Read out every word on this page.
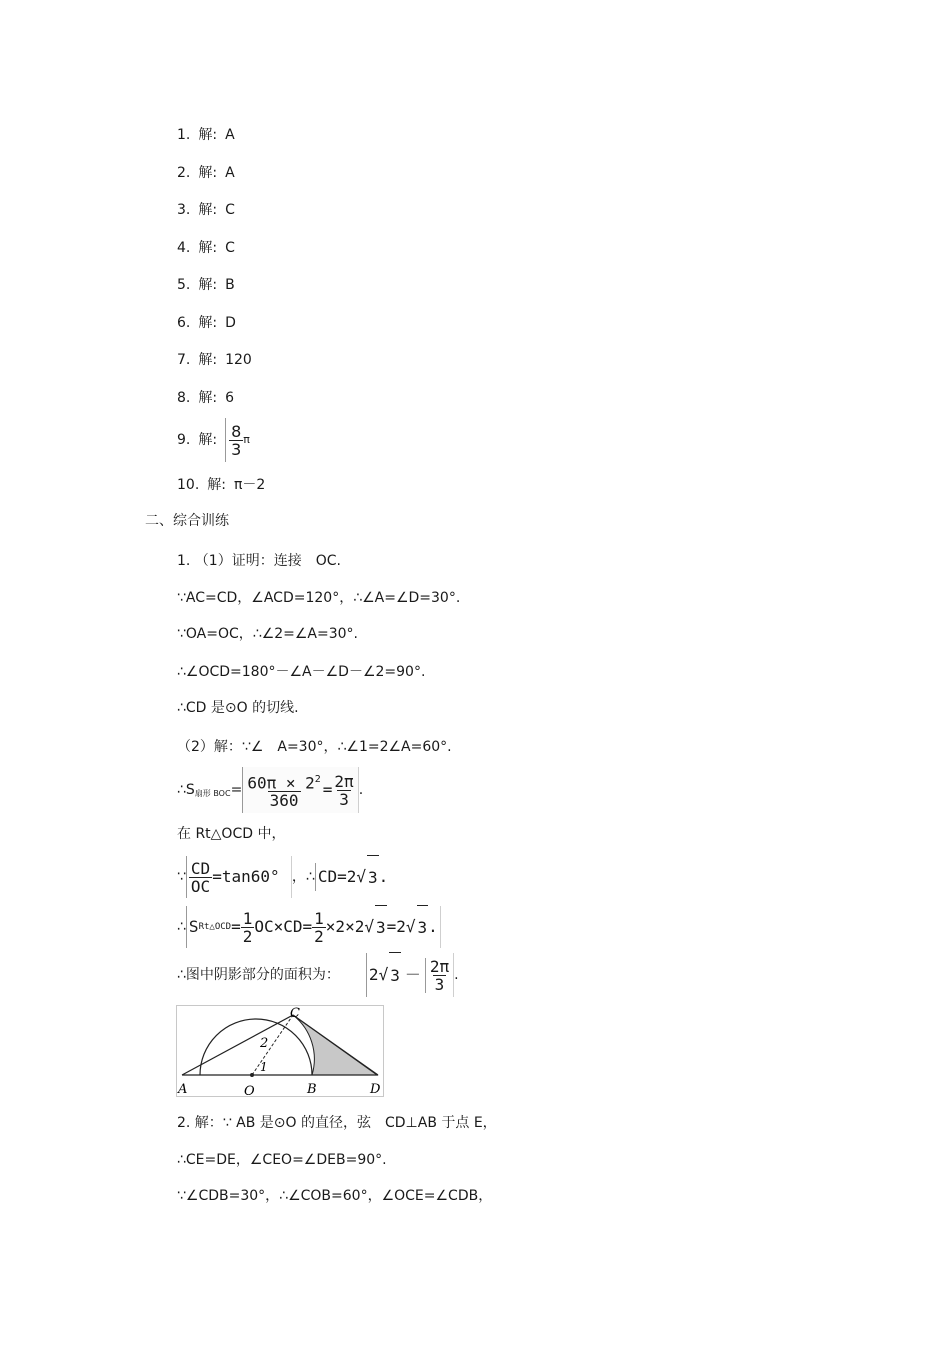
1. 解: A
2. 解: A
3. 解: C
4. 解: C
5. 解: B
6. 解: D
7. 解: 120
8. 解: 6
9. 解: $\frac{8}{3}$ π
10. 解: π－2
二、综合训练
1. （1）证明：连接　OC.
∵AC=CD，∠ACD=120°，∴∠A=∠D=30°.
∵OA=OC，∴∠2=∠A=30°.
∴∠OCD=180°－∠A－∠D－∠2=90°.
∴CD 是⊙O 的切线.
（2）解：∵∠　A=30°，∴∠1=2∠A=60°.
∴S扇形 $BOC= \frac{60\pi \times 2^2}{360} = \frac{2\pi}{3}$ .
在 Rt△OCD 中，
∵ $\frac{CD}{OC} =\tan 60^\circ$ ，∴ CD=2 √ 3 .
∴ S Rt△OCD = $\frac{1}{2} OC\times CD= \frac{1}{2} \times 2\times 2$ √ 3 =2 √ 3 .
∴图中阴影部分的面积为： 2 √ $3 - \frac{2\pi}{3}$ .
A	O	B	D
C
2
1
2. 解：∵ AB 是⊙O 的直径，弦　CD⊥AB 于点 E，
∴CE=DE，∠CEO=∠DEB=90°.
∵∠CDB=30°，∴∠COB=60°，∠OCE=∠CDB，
